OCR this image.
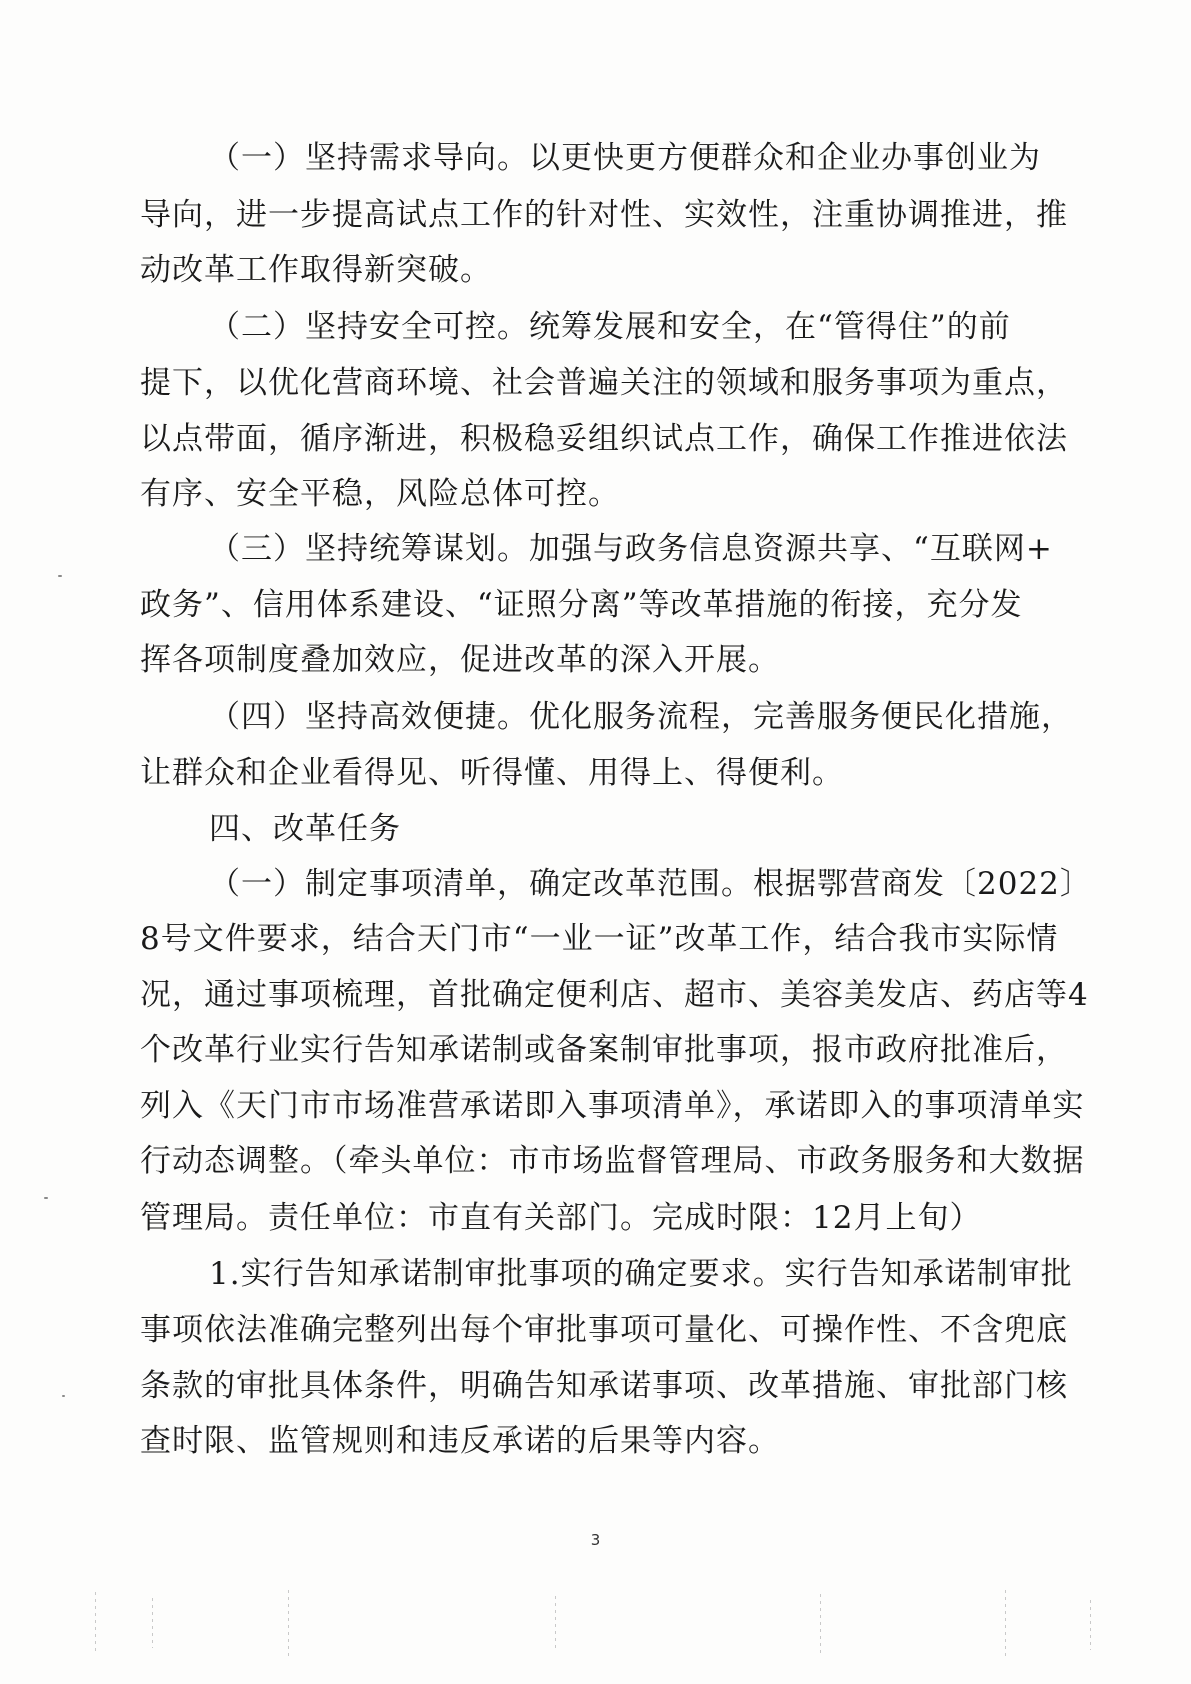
（一）坚持需求导向。以更快更方便群众和企业办事创业为
导向，进一步提高试点工作的针对性、实效性，注重协调推进，推
动改革工作取得新突破。
（二）坚持安全可控。统筹发展和安全，在“管得住”的前
提下，以优化营商环境、社会普遍关注的领域和服务事项为重点，
以点带面，循序渐进，积极稳妥组织试点工作，确保工作推进依法
有序、安全平稳，风险总体可控。
（三）坚持统筹谋划。加强与政务信息资源共享、“互联网+
政务”、信用体系建设、“证照分离”等改革措施的衔接，充分发
挥各项制度叠加效应，促进改革的深入开展。
（四）坚持高效便捷。优化服务流程，完善服务便民化措施，
让群众和企业看得见、听得懂、用得上、得便利。
四、改革任务
（一）制定事项清单，确定改革范围。根据鄂营商发〔2022〕
8号文件要求，结合天门市“一业一证”改革工作，结合我市实际情
况，通过事项梳理，首批确定便利店、超市、美容美发店、药店等4
个改革行业实行告知承诺制或备案制审批事项，报市政府批准后，
列入《天门市市场准营承诺即入事项清单》，承诺即入的事项清单实
行动态调整。（牵头单位：市市场监督管理局、市政务服务和大数据
管理局。责任单位：市直有关部门。完成时限：12月上旬）
1.实行告知承诺制审批事项的确定要求。实行告知承诺制审批
事项依法准确完整列出每个审批事项可量化、可操作性、不含兜底
条款的审批具体条件，明确告知承诺事项、改革措施、审批部门核
查时限、监管规则和违反承诺的后果等内容。
3
